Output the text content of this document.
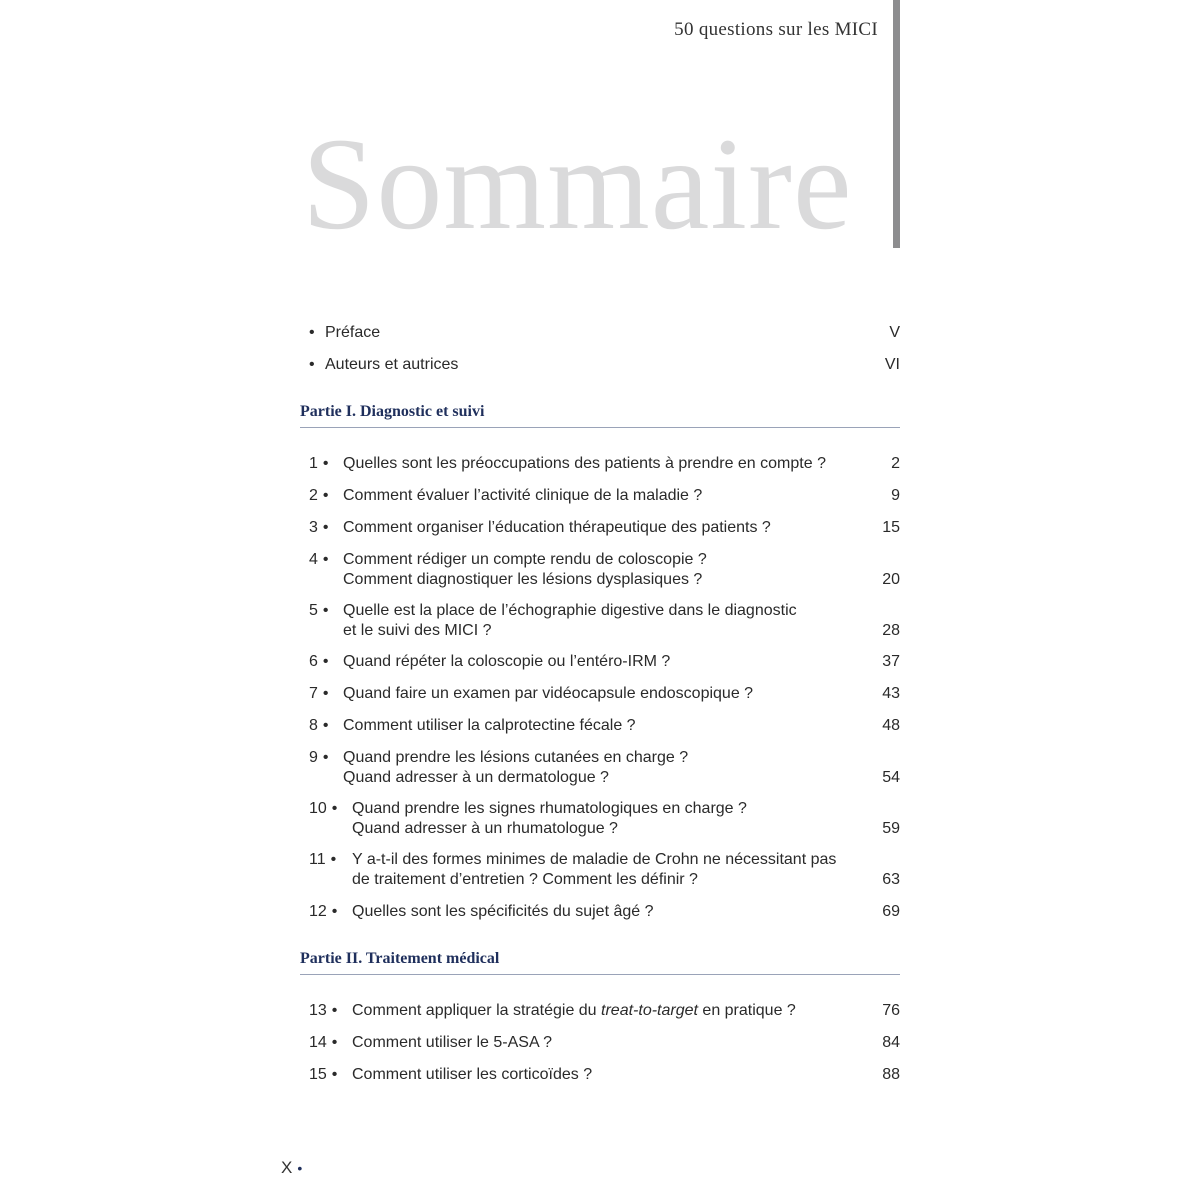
50 questions sur les MICI
Sommaire
• Préface	V
• Auteurs et autrices	VI
Partie I. Diagnostic et suivi
1 • Quelles sont les préoccupations des patients à prendre en compte ?	2
2 • Comment évaluer l’activité clinique de la maladie ?	9
3 • Comment organiser l’éducation thérapeutique des patients ?	15
4 • Comment rédiger un compte rendu de coloscopie ?
Comment diagnostiquer les lésions dysplasiques ?	20
5 • Quelle est la place de l’échographie digestive dans le diagnostic
et le suivi des MICI ?	28
6 • Quand répéter la coloscopie ou l’entéro-IRM ?	37
7 • Quand faire un examen par vidéocapsule endoscopique ?	43
8 • Comment utiliser la calprotectine fécale ?	48
9 • Quand prendre les lésions cutanées en charge ?
Quand adresser à un dermatologue ?	54
10 • Quand prendre les signes rhumatologiques en charge ?
Quand adresser à un rhumatologue ?	59
11 • Y a-t-il des formes minimes de maladie de Crohn ne nécessitant pas
de traitement d’entretien ? Comment les définir ?	63
12 • Quelles sont les spécificités du sujet âgé ?	69
Partie II. Traitement médical
13 • Comment appliquer la stratégie du treat-to-target en pratique ?	76
14 • Comment utiliser le 5-ASA ?	84
15 • Comment utiliser les corticoïdes ?	88
X •
